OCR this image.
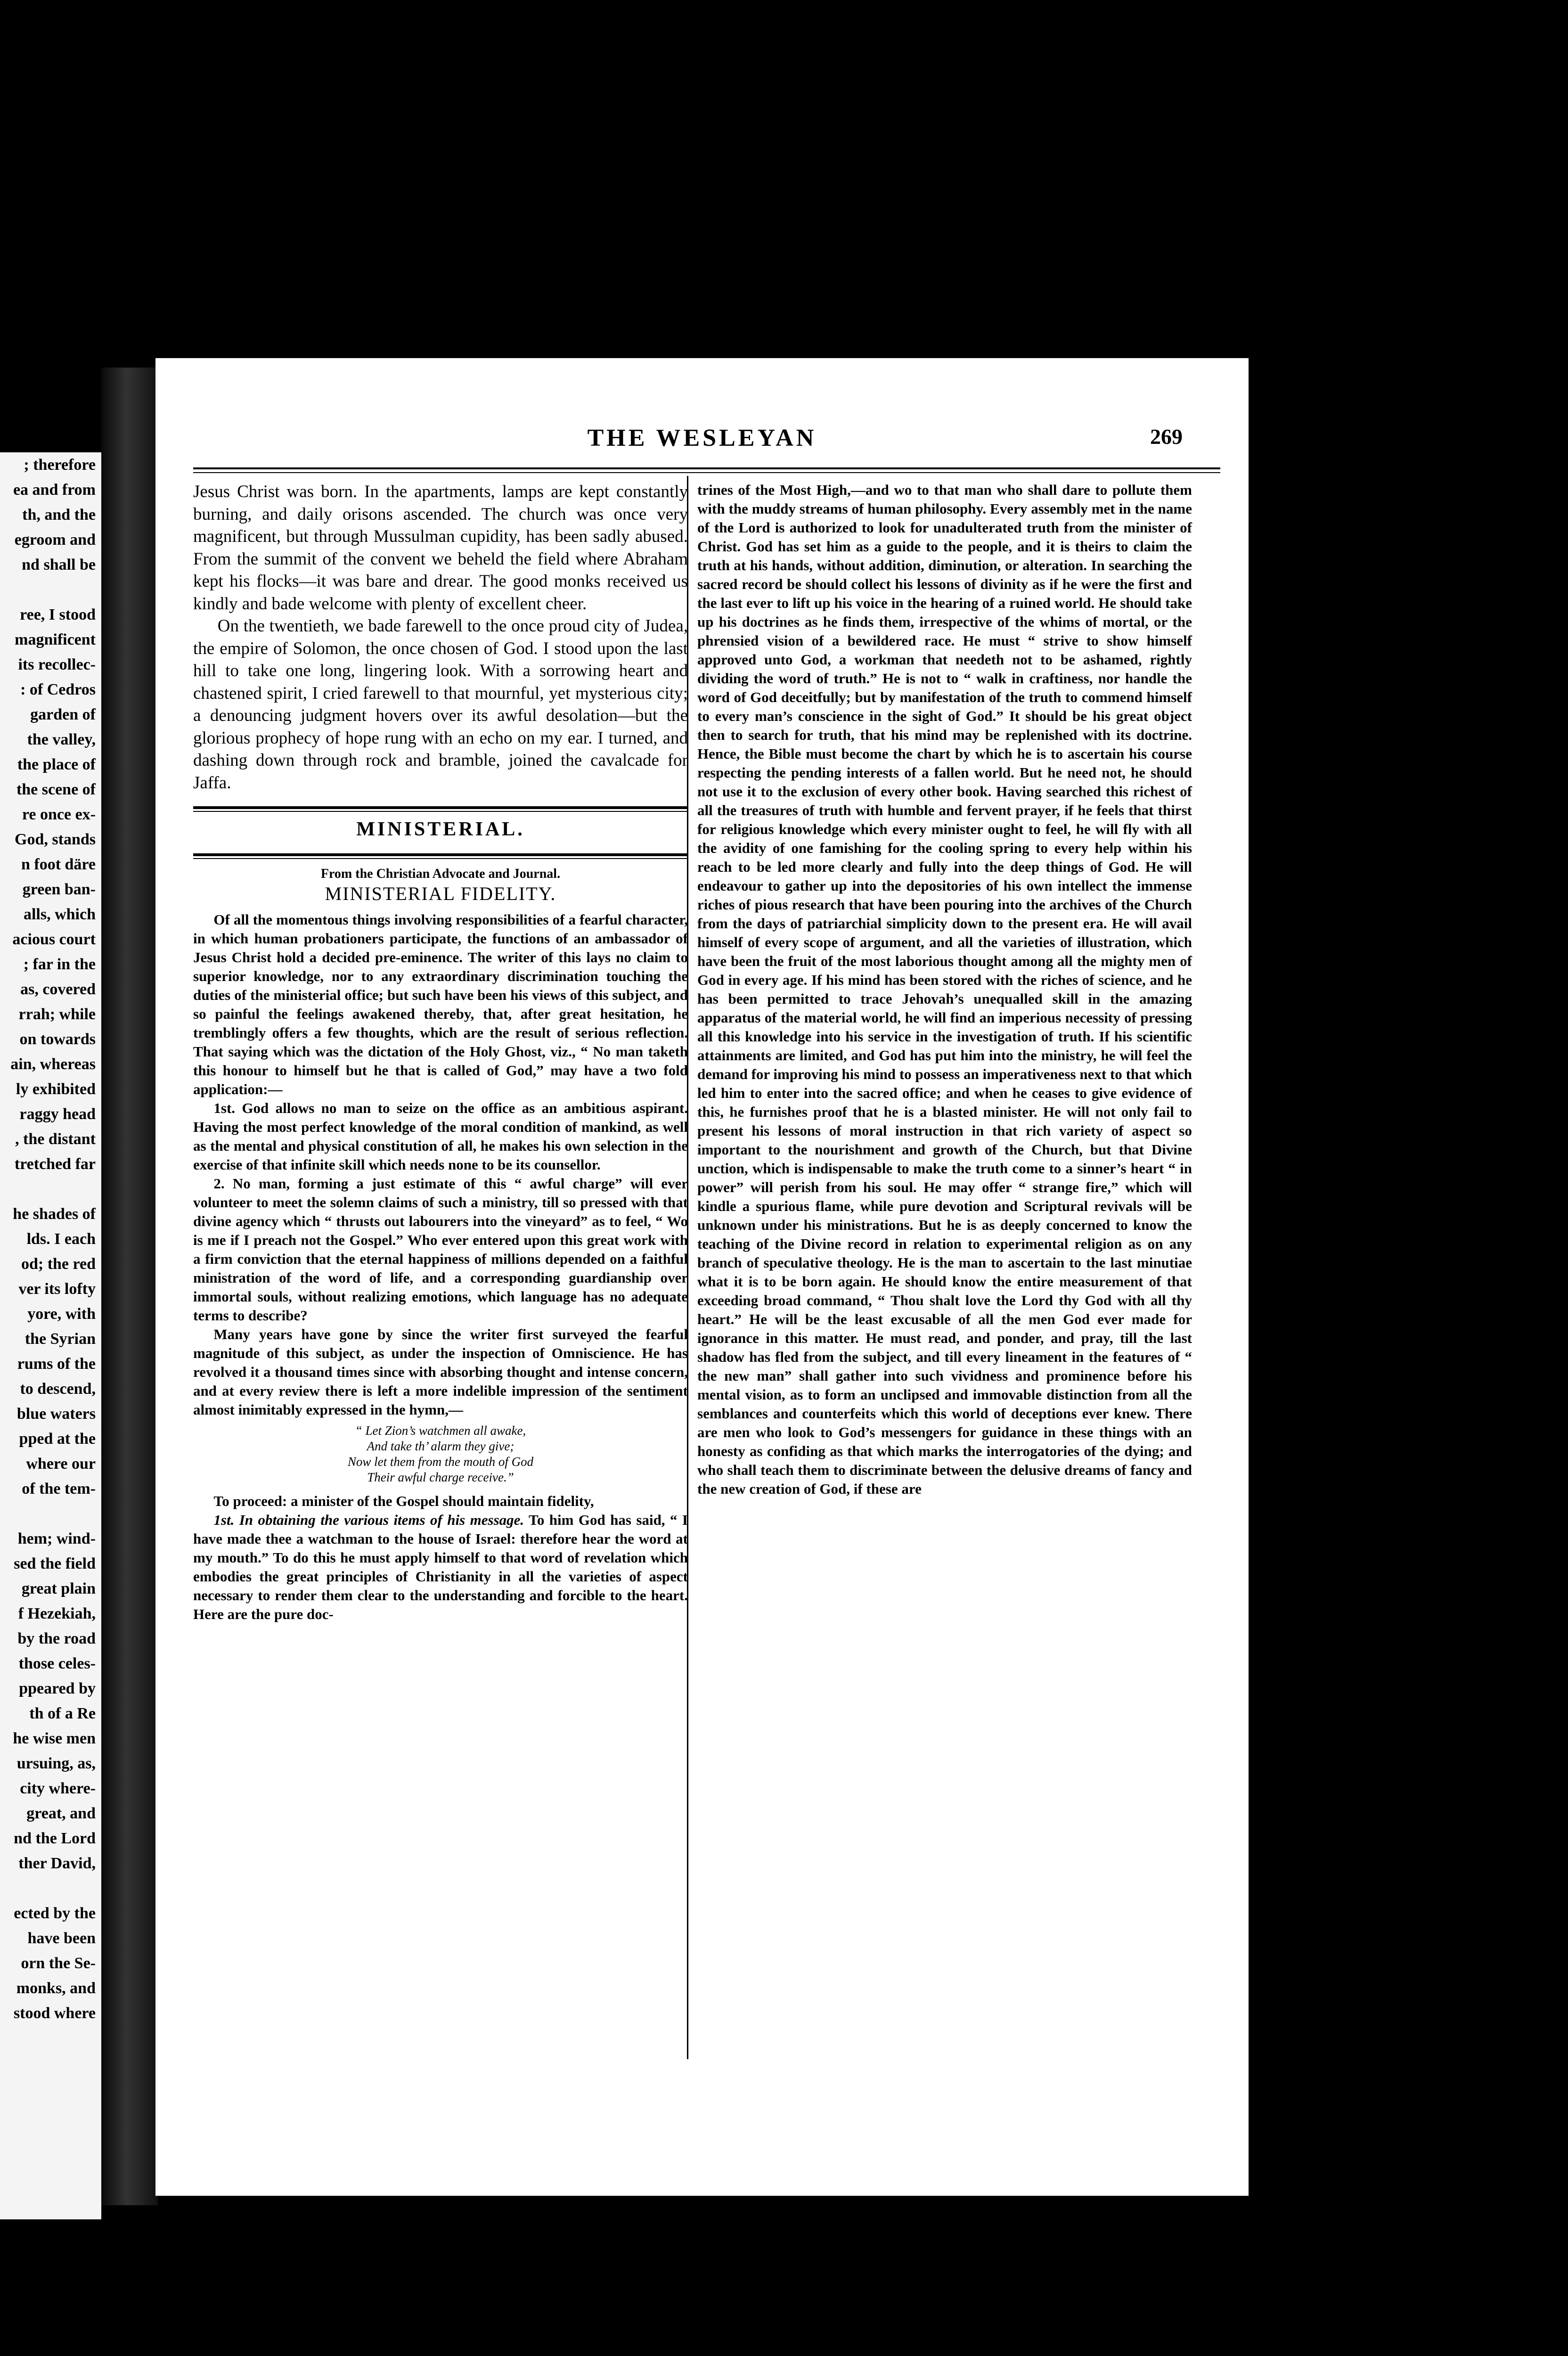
; therefore
ea and from
th, and the
egroom and
nd shall be

ree, I stood
magnificent
its recollec-
: of Cedros
garden of
the valley,
the place of
the scene of
re once ex-
God, stands
n foot däre
green ban-
alls, which
acious court
; far in the
as, covered
rrah; while
on towards
ain, whereas
ly exhibited
raggy head
, the distant
tretched far

he shades of
lds. I each
od; the red
ver its lofty
yore, with
the Syrian
rums of the
to descend,
blue waters
pped at the
where our
of the tem-

hem; wind-
sed the field
great plain
f Hezekiah,
by the road
those celes-
ppeared by
th of a Re
he wise men
ursuing, as,
city where-
great, and
nd the Lord
ther David,

ected by the
have been
orn the Se-
monks, and
stood where
THE WESLEYAN	269

Jesus Christ was born. In the apartments, lamps are kept constantly burning, and daily orisons ascended. The church was once very magnificent, but through Mussulman cupidity, has been sadly abused. From the summit of the convent we beheld the field where Abraham kept his flocks—it was bare and drear. The good monks received us kindly and bade welcome with plenty of excellent cheer.

On the twentieth, we bade farewell to the once proud city of Judea, the empire of Solomon, the once chosen of God. I stood upon the last hill to take one long, lingering look. With a sorrowing heart and chastened spirit, I cried farewell to that mournful, yet mysterious city; a denouncing judgment hovers over its awful desolation—but the glorious prophecy of hope rung with an echo on my ear. I turned, and dashing down through rock and bramble, joined the cavalcade for Jaffa.

MINISTERIAL.
From the Christian Advocate and Journal.
MINISTERIAL FIDELITY.

Of all the momentous things involving responsibilities of a fearful character, in which human probationers participate, the functions of an ambassador of Jesus Christ hold a decided pre-eminence. The writer of this lays no claim to superior knowledge, nor to any extraordinary discrimination touching the duties of the ministerial office; but such have been his views of this subject, and so painful the feelings awakened thereby, that, after great hesitation, he tremblingly offers a few thoughts, which are the result of serious reflection. That saying which was the dictation of the Holy Ghost, viz., “ No man taketh this honour to himself but he that is called of God,” may have a two fold application:—

1st. God allows no man to seize on the office as an ambitious aspirant. Having the most perfect knowledge of the moral condition of mankind, as well as the mental and physical constitution of all, he makes his own selection in the exercise of that infinite skill which needs none to be its counsellor.

2. No man, forming a just estimate of this “ awful charge” will ever volunteer to meet the solemn claims of such a ministry, till so pressed with that divine agency which “ thrusts out labourers into the vineyard” as to feel, “ Wo is me if I preach not the Gospel.” Who ever entered upon this great work with a firm conviction that the eternal happiness of millions depended on a faithful ministration of the word of life, and a corresponding guardianship over immortal souls, without realizing emotions, which language has no adequate terms to describe?

Many years have gone by since the writer first surveyed the fearful magnitude of this subject, as under the inspection of Omniscience. He has revolved it a thousand times since with absorbing thought and intense concern, and at every review there is left a more indelible impression of the sentiment almost inimitably expressed in the hymn,—

“ Let Zion’s watchmen all awake,
And take th’ alarm they give;
Now let them from the mouth of God
Their awful charge receive.”

To proceed: a minister of the Gospel should maintain fidelity,

1st. In obtaining the various items of his message. To him God has said, “ I have made thee a watchman to the house of Israel: therefore hear the word at my mouth.” To do this he must apply himself to that word of revelation which embodies the great principles of Christianity in all the varieties of aspect necessary to render them clear to the understanding and forcible to the heart. Here are the pure doc-

trines of the Most High,—and wo to that man who shall dare to pollute them with the muddy streams of human philosophy. Every assembly met in the name of the Lord is authorized to look for unadulterated truth from the minister of Christ. God has set him as a guide to the people, and it is theirs to claim the truth at his hands, without addition, diminution, or alteration. In searching the sacred record be should collect his lessons of divinity as if he were the first and the last ever to lift up his voice in the hearing of a ruined world. He should take up his doctrines as he finds them, irrespective of the whims of mortal, or the phrensied vision of a bewildered race. He must “ strive to show himself approved unto God, a workman that needeth not to be ashamed, rightly dividing the word of truth.” He is not to “ walk in craftiness, nor handle the word of God deceitfully; but by manifestation of the truth to commend himself to every man’s conscience in the sight of God.” It should be his great object then to search for truth, that his mind may be replenished with its doctrine. Hence, the Bible must become the chart by which he is to ascertain his course respecting the pending interests of a fallen world. But he need not, he should not use it to the exclusion of every other book. Having searched this richest of all the treasures of truth with humble and fervent prayer, if he feels that thirst for religious knowledge which every minister ought to feel, he will fly with all the avidity of one famishing for the cooling spring to every help within his reach to be led more clearly and fully into the deep things of God. He will endeavour to gather up into the depositories of his own intellect the immense riches of pious research that have been pouring into the archives of the Church from the days of patriarchial simplicity down to the present era. He will avail himself of every scope of argument, and all the varieties of illustration, which have been the fruit of the most laborious thought among all the mighty men of God in every age. If his mind has been stored with the riches of science, and he has been permitted to trace Jehovah’s unequalled skill in the amazing apparatus of the material world, he will find an imperious necessity of pressing all this knowledge into his service in the investigation of truth. If his scientific attainments are limited, and God has put him into the ministry, he will feel the demand for improving his mind to possess an imperativeness next to that which led him to enter into the sacred office; and when he ceases to give evidence of this, he furnishes proof that he is a blasted minister. He will not only fail to present his lessons of moral instruction in that rich variety of aspect so important to the nourishment and growth of the Church, but that Divine unction, which is indispensable to make the truth come to a sinner’s heart “ in power” will perish from his soul. He may offer “ strange fire,” which will kindle a spurious flame, while pure devotion and Scriptural revivals will be unknown under his ministrations. But he is as deeply concerned to know the teaching of the Divine record in relation to experimental religion as on any branch of speculative theology. He is the man to ascertain to the last minutiae what it is to be born again. He should know the entire measurement of that exceeding broad command, “ Thou shalt love the Lord thy God with all thy heart.” He will be the least excusable of all the men God ever made for ignorance in this matter. He must read, and ponder, and pray, till the last shadow has fled from the subject, and till every lineament in the features of “ the new man” shall gather into such vividness and prominence before his mental vision, as to form an unclipsed and immovable distinction from all the semblances and counterfeits which this world of deceptions ever knew. There are men who look to God’s messengers for guidance in these things with an honesty as confiding as that which marks the interrogatories of the dying; and who shall teach them to discriminate between the delusive dreams of fancy and the new creation of God, if these are
